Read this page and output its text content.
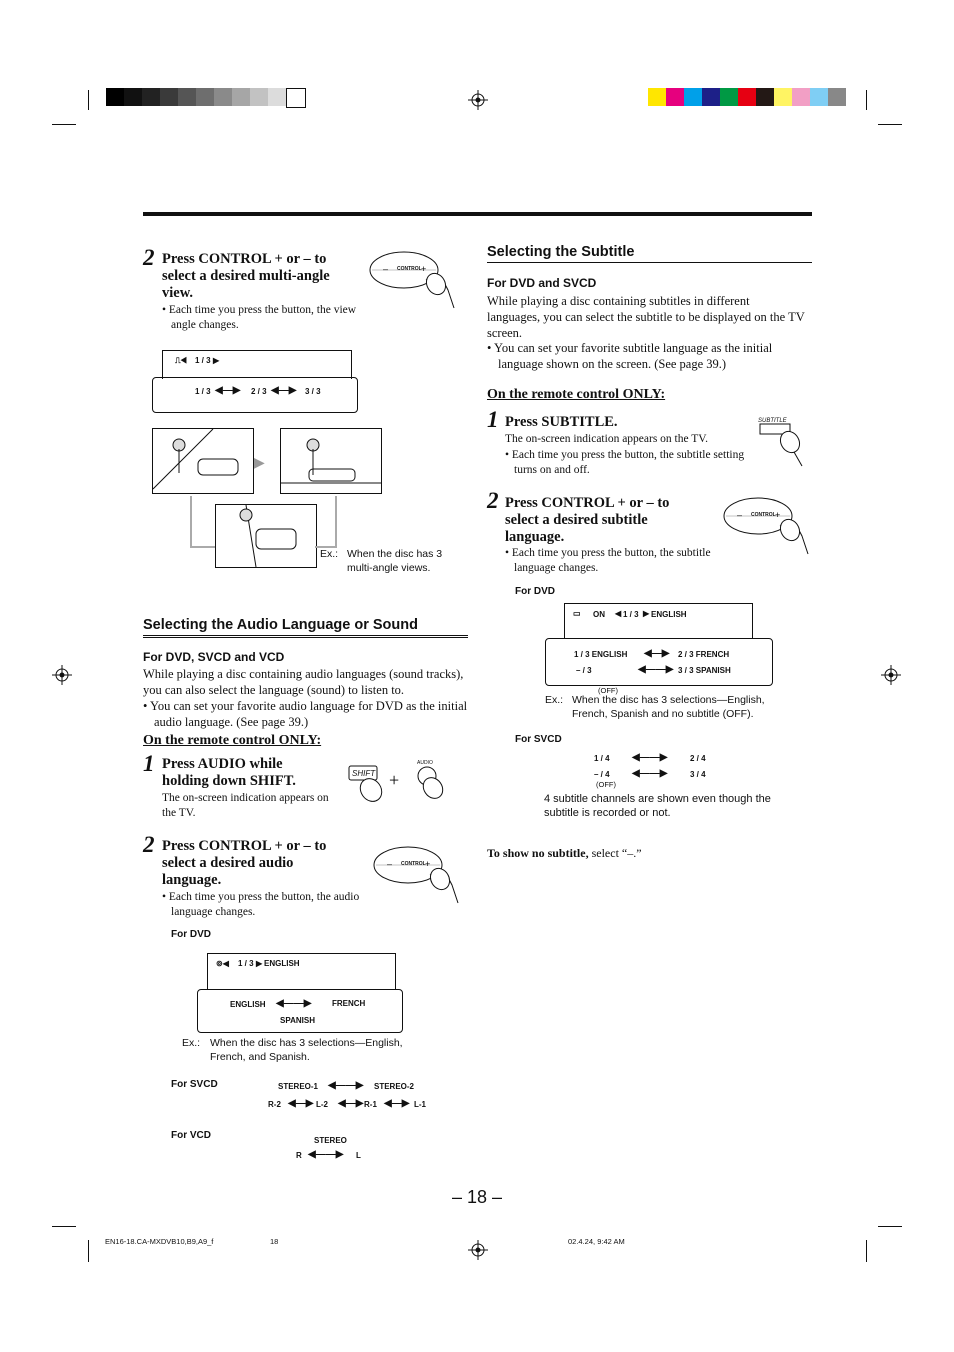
2 Press CONTROL + or – to select a desired multi-angle view.
• Each time you press the button, the view angle changes.
–	+
CONTROL
⎍◀ 1 / 3 ▶
1 / 3 ◀—▶ 2 / 3 ◀—▶ 3 / 3
▶
Ex.: When the disc has 3 multi-angle views.
Selecting the Audio Language or Sound
For DVD, SVCD and VCD
While playing a disc containing audio languages (sound tracks), you can also select the language (sound) to listen to.
• You can set your favorite audio language for DVD as the initial audio language. (See page 39.)
On the remote control ONLY:
1 Press AUDIO while holding down SHIFT.
The on-screen indication appears on the TV.
+
SHIFT
AUDIO
2 Press CONTROL + or – to select a desired audio language.
• Each time you press the button, the audio language changes.
–	+
CONTROL
For DVD
⊚◀ 1 / 3 ▶ ENGLISH
ENGLISH ◀——▶	FRENCH
SPANISH
Ex.: When the disc has 3 selections—English, French, and Spanish.
For SVCD	STEREO-1 ◀——▶ STEREO-2
R-2 ◀—▶ L-2 ◀—▶ R-1 ◀—▶ L-1
For VCD	STEREO
R ◀——▶ L
Selecting the Subtitle
For DVD and SVCD
While playing a disc containing subtitles in different languages, you can select the subtitle to be displayed on the TV screen.
• You can set your favorite subtitle language as the initial language shown on the screen. (See page 39.)
On the remote control ONLY:
1 Press SUBTITLE.
The on-screen indication appears on the TV.
• Each time you press the button, the subtitle setting turns on and off.
SUBTITLE
2 Press CONTROL + or – to select a desired subtitle language.
• Each time you press the button, the subtitle language changes.
–	+
CONTROL
For DVD
▭ ON ◀ 1 / 3 ▶ ENGLISH
1 / 3 ENGLISH ◀—▶ 2 / 3 FRENCH
– / 3	◀——▶ 3 / 3 SPANISH
(OFF)
Ex.: When the disc has 3 selections—English, French, Spanish and no subtitle (OFF).
For SVCD
1 / 4 ◀——▶	2 / 4
– / 4 ◀——▶	3 / 4
(OFF)
4 subtitle channels are shown even though the subtitle is recorded or not.
To show no subtitle, select “–.”
– 18 –
EN16-18.CA-MXDVB10,B9,A9_f	18	02.4.24, 9:42 AM
